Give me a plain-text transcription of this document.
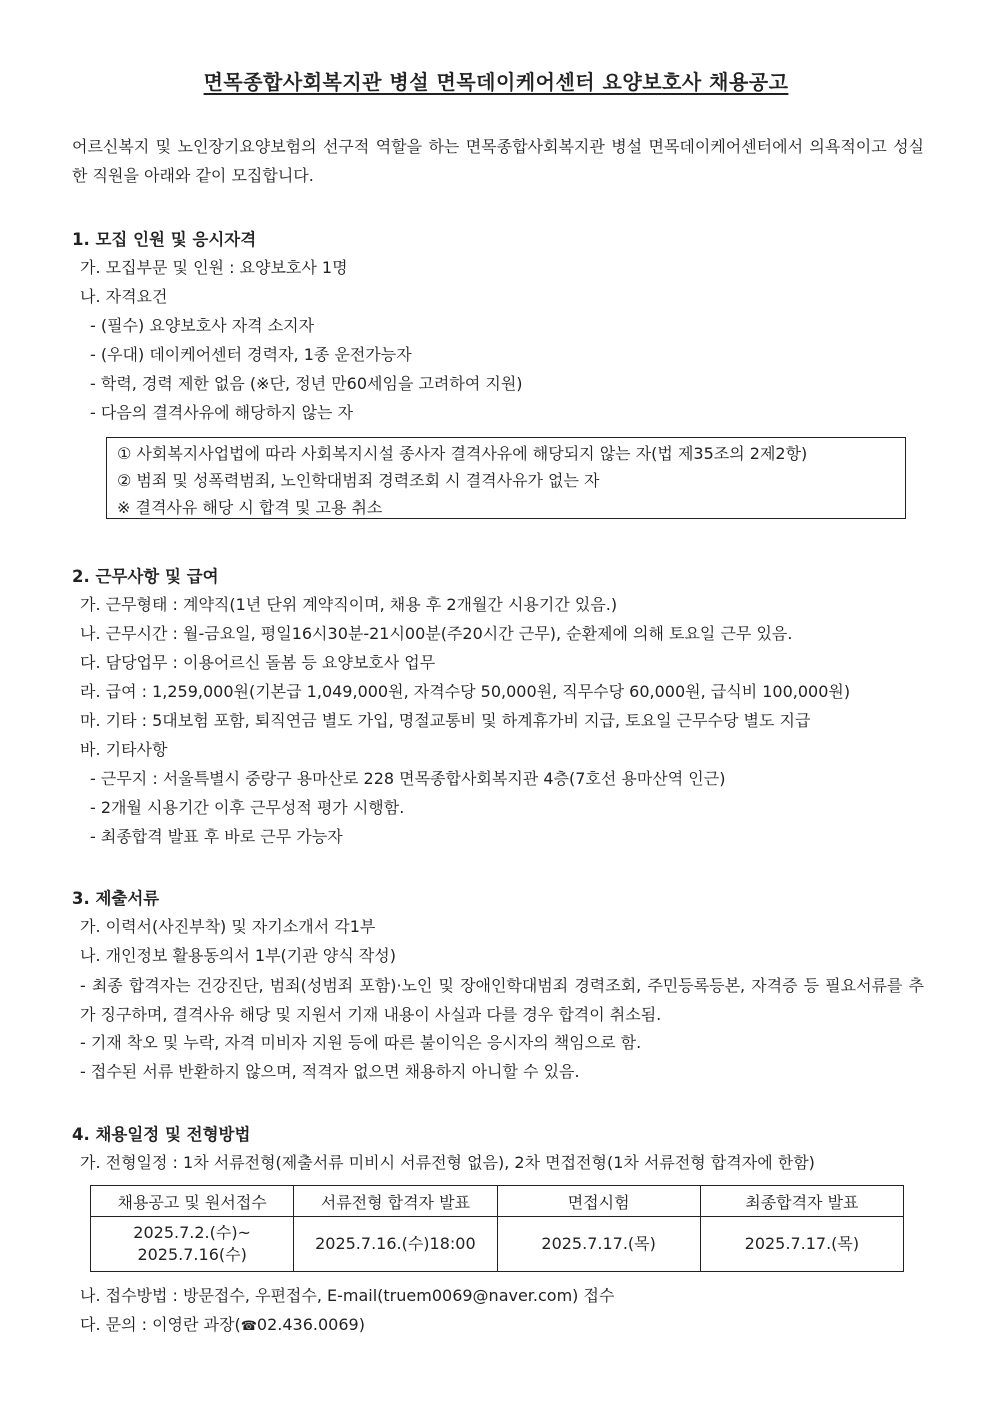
면목종합사회복지관 병설 면목데이케어센터 요양보호사 채용공고
어르신복지 및 노인장기요양보험의 선구적 역할을 하는 면목종합사회복지관 병설 면목데이케어센터에서 의욕적이고 성실한 직원을 아래와 같이 모집합니다.
1. 모집 인원 및 응시자격
가. 모집부문 및 인원 : 요양보호사 1명
나. 자격요건
- (필수) 요양보호사 자격 소지자
- (우대) 데이케어센터 경력자, 1종 운전가능자
- 학력, 경력 제한 없음 (※단, 정년 만60세임을 고려하여 지원)
- 다음의 결격사유에 해당하지 않는 자
① 사회복지사업법에 따라 사회복지시설 종사자 결격사유에 해당되지 않는 자(법 제35조의 2제2항)
② 범죄 및 성폭력범죄, 노인학대범죄 경력조회 시 결격사유가 없는 자
※ 결격사유 해당 시 합격 및 고용 취소
2. 근무사항 및 급여
가. 근무형태 : 계약직(1년 단위 계약직이며, 채용 후 2개월간 시용기간 있음.)
나. 근무시간 : 월-금요일, 평일16시30분-21시00분(주20시간 근무), 순환제에 의해 토요일 근무 있음.
다. 담당업무 : 이용어르신 돌봄 등 요양보호사 업무
라. 급여 : 1,259,000원(기본급 1,049,000원, 자격수당 50,000원, 직무수당 60,000원, 급식비 100,000원)
마. 기타 : 5대보험 포함, 퇴직연금 별도 가입, 명절교통비 및 하계휴가비 지급, 토요일 근무수당 별도 지급
바. 기타사항
- 근무지 : 서울특별시 중랑구 용마산로 228 면목종합사회복지관 4층(7호선 용마산역 인근)
- 2개월 시용기간 이후 근무성적 평가 시행함.
- 최종합격 발표 후 바로 근무 가능자
3. 제출서류
가. 이력서(사진부착) 및 자기소개서 각1부
나. 개인정보 활용동의서 1부(기관 양식 작성)
- 최종 합격자는 건강진단, 범죄(성범죄 포함)·노인 및 장애인학대범죄 경력조회, 주민등록등본, 자격증 등 필요서류를 추가 징구하며, 결격사유 해당 및 지원서 기재 내용이 사실과 다를 경우 합격이 취소됨.
- 기재 착오 및 누락, 자격 미비자 지원 등에 따른 불이익은 응시자의 책임으로 함.
- 접수된 서류 반환하지 않으며, 적격자 없으면 채용하지 아니할 수 있음.
4. 채용일정 및 전형방법
가. 전형일정 : 1차 서류전형(제출서류 미비시 서류전형 없음), 2차 면접전형(1차 서류전형 합격자에 한함)
채용공고 및 원서접수	서류전형 합격자 발표	면접시험	최종합격자 발표

2025.7.2.(수)~
2025.7.16(수)	2025.7.16.(수)18:00	2025.7.17.(목)	2025.7.17.(목)
나. 접수방법 : 방문접수, 우편접수, E-mail(truem0069@naver.com) 접수
다. 문의 : 이영란 과장(☎02.436.0069)
